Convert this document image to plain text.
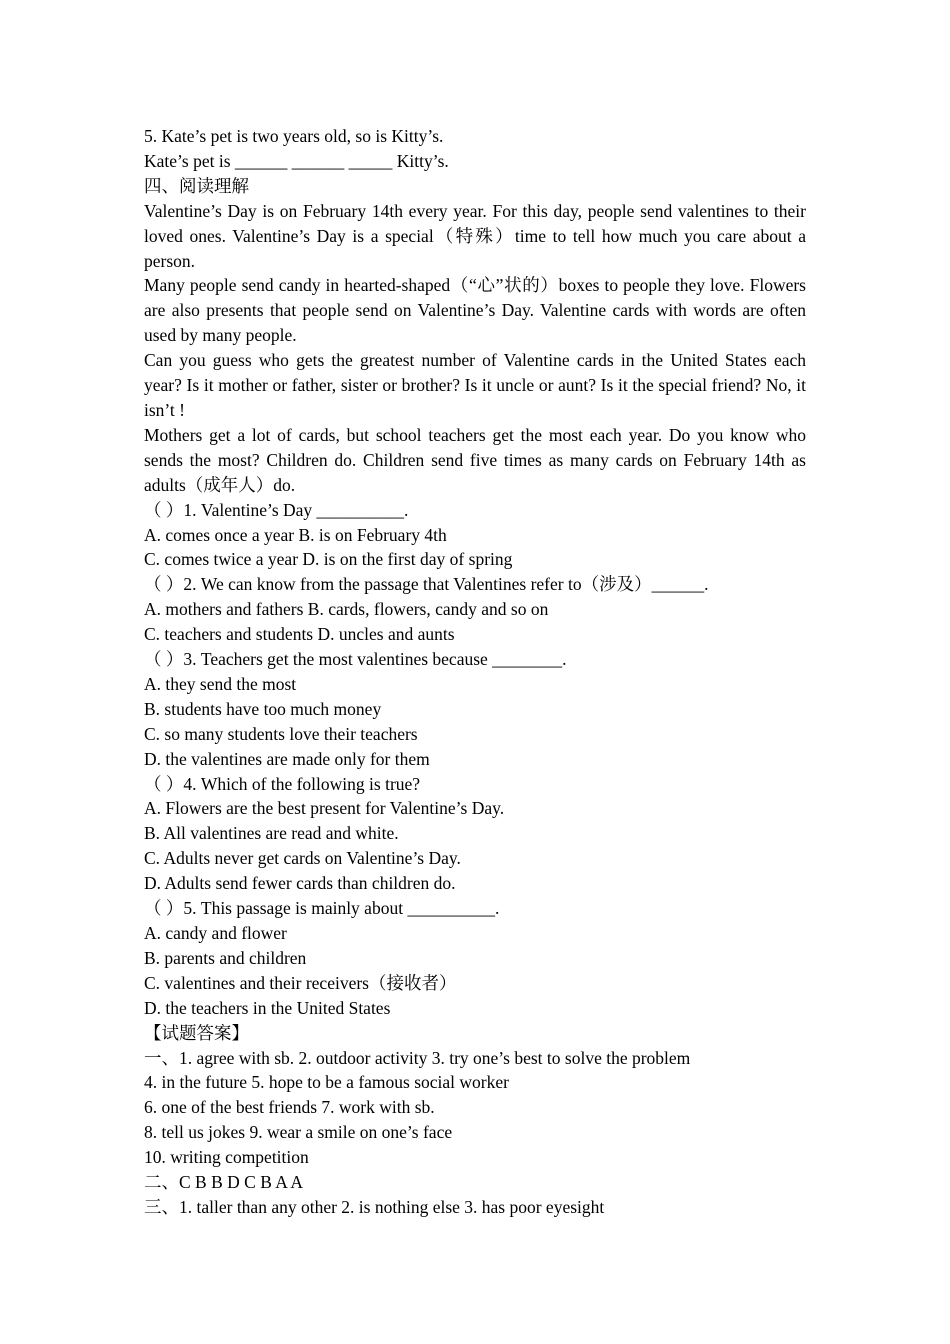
5. Kate’s pet is two years old, so is Kitty’s.
Kate’s pet is ______ ______ _____ Kitty’s.
四、阅读理解

Valentine’s Day is on February 14th every year. For this day, people send valentines to their loved ones. Valentine’s Day is a special（特殊）time to tell how much you care about a person.

Many people send candy in hearted-shaped（“心”状的）boxes to people they love. Flowers are also presents that people send on Valentine’s Day. Valentine cards with words are often used by many people.

Can you guess who gets the greatest number of Valentine cards in the United States each year? Is it mother or father, sister or brother? Is it uncle or aunt? Is it the special friend? No, it isn’t !

Mothers get a lot of cards, but school teachers get the most each year. Do you know who sends the most? Children do. Children send five times as many cards on February 14th as adults（成年人）do.

（ ）1. Valentine’s Day __________.
A. comes once a year B. is on February 4th
C. comes twice a year D. is on the first day of spring
（ ）2. We can know from the passage that Valentines refer to（涉及）______.
A. mothers and fathers B. cards, flowers, candy and so on
C. teachers and students D. uncles and aunts
（ ）3. Teachers get the most valentines because ________.
A. they send the most
B. students have too much money
C. so many students love their teachers
D. the valentines are made only for them
（ ）4. Which of the following is true?
A. Flowers are the best present for Valentine’s Day.
B. All valentines are read and white.
C. Adults never get cards on Valentine’s Day.
D. Adults send fewer cards than children do.
（ ）5. This passage is mainly about __________.
A. candy and flower
B. parents and children
C. valentines and their receivers（接收者）
D. the teachers in the United States
【试题答案】
一、1. agree with sb. 2. outdoor activity 3. try one’s best to solve the problem
4. in the future 5. hope to be a famous social worker
6. one of the best friends 7. work with sb.
8. tell us jokes 9. wear a smile on one’s face
10. writing competition
二、C B B D C B A A
三、1. taller than any other 2. is nothing else 3. has poor eyesight
